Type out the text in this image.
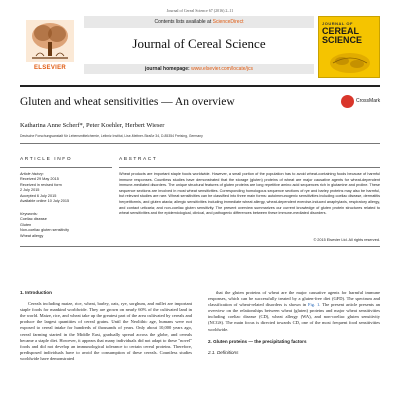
Journal of Cereal Science 67 (2016) 2–11
ELSEVIER
Contents lists available at ScienceDirect
Journal of Cereal Science
journal homepage: www.elsevier.com/locate/jcs
JOURNAL OF
CEREAL SCIENCE
Gluten and wheat sensitivities — An overview	CrossMark
Katharina Anne Scherf*, Peter Koehler, Herbert Wieser
Deutsche Forschungsanstalt für Lebensmittelchemie, Leibniz Institut, Lise-Meitner-Straße 34, D-85354 Freising, Germany
ARTICLE INFO	ABSTRACT
Article history:
Received 29 May 2015
Received in revised form
2 July 2015
Accepted 6 July 2015
Available online 10 July 2015
Keywords:
Coeliac disease
Gluten
Non-coeliac gluten sensitivity
Wheat allergy
Wheat products are important staple foods worldwide. However, a small portion of the population has to avoid wheat-containing foods because of harmful immune responses. Countless studies have demonstrated that the storage (gluten) proteins of wheat are major causative agents for wheat-dependent immune-mediated disorders. The unique structural features of gluten proteins are long repetitive amino acid sequences rich in glutamine and proline. These sequence sections are involved in most wheat sensitivities. Corresponding homologous sequence sections of rye and barley proteins may also be harmful, but relevant studies are rare. Wheat sensitivities can be classified into three main forms: autoimmunogenic sensitivities including coeliac disease, dermatitis herpetiformis, and gluten ataxia; allergic sensitivities including immediate wheat allergy, wheat-dependent exercise-induced anaphylaxis, respiratory allergy, and contact urticaria; and non-coeliac gluten sensitivity. The present overview summarizes our current knowledge of gluten protein structures related to wheat sensitivities and the epidemiological, clinical, and pathogenic differences between these immune-mediated disorders.
© 2015 Elsevier Ltd. All rights reserved.
1. Introduction

Cereals including maize, rice, wheat, barley, oats, rye, sorghum, and millet are important staple foods for mankind worldwide. They are grown on nearly 60% of the cultivated land in the world. Maize, rice, and wheat take up the greatest part of the area cultivated by cereals and produce the largest quantities of cereal grains. Until the Neolithic age, humans were not exposed to cereal intake for hundreds of thousands of years. Only about 10,000 years ago, cereal farming started in the Middle East, gradually spread across the globe, and cereals became a staple diet. However, it appears that many individuals did not adapt to these "novel" foods and did not develop an immunological tolerance to certain cereal proteins. Therefore, predisposed individuals have to avoid the consumption of these cereals. Countless studies worldwide have demonstrated

that the gluten proteins of wheat are the major causative agents for harmful immune responses, which can be successfully treated by a gluten-free diet (GFD). The spectrum and classification of wheat-related disorders is shown in Fig. 1. The present article presents an overview on the relationships between wheat (gluten) proteins and major wheat sensitivities including coeliac disease (CD), wheat allergy (WA), and non-coeliac gluten sensitivity (NCGS). The main focus is directed towards CD, one of the most frequent food sensitivities worldwide.

2. Gluten proteins — the precipitating factors
2.1. Definitions
